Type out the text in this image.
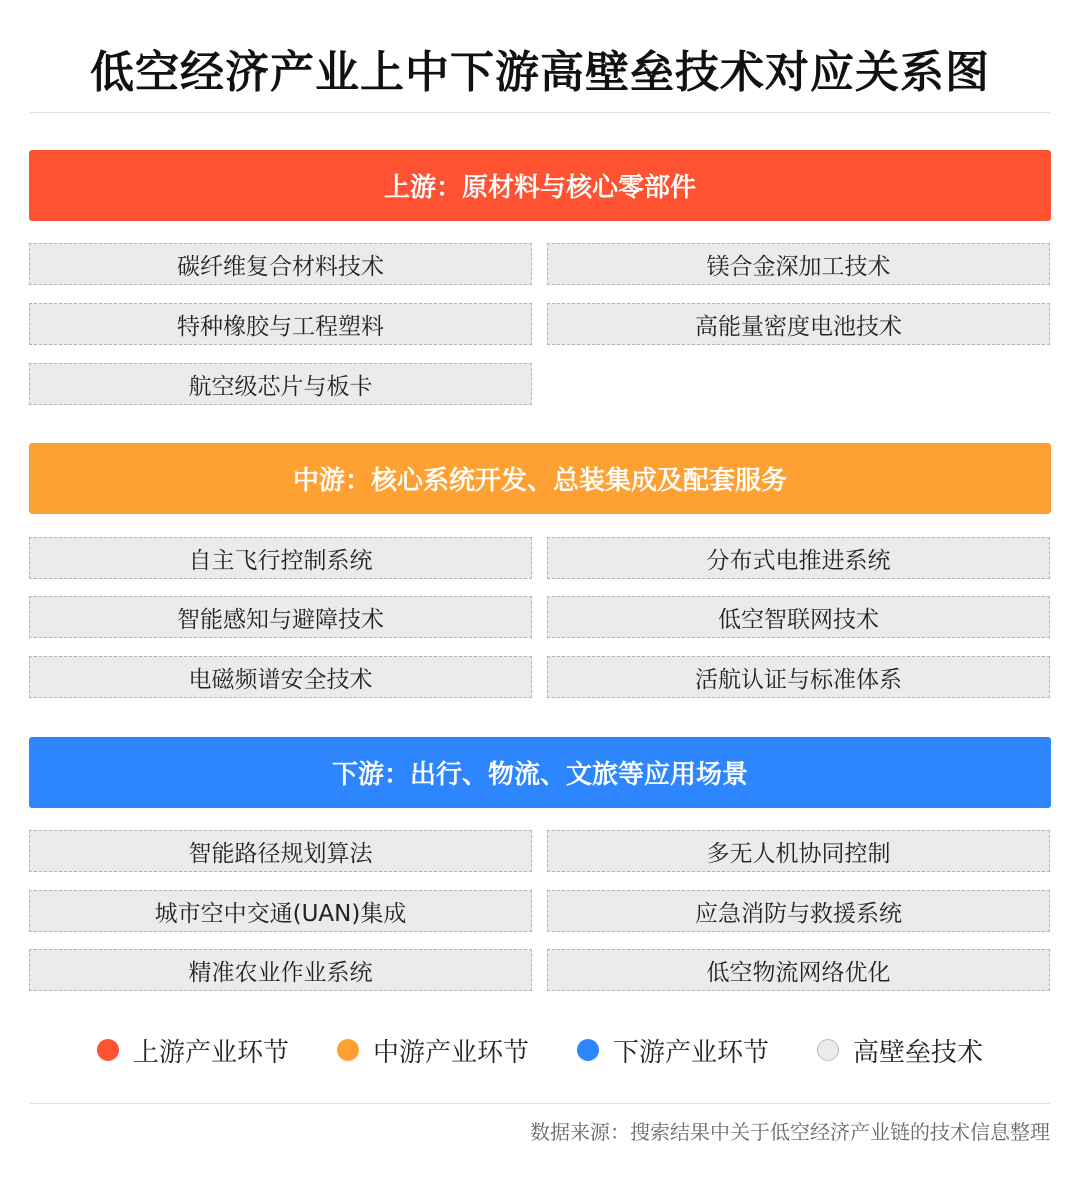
低空经济产业上中下游高壁垒技术对应关系图
上游：原材料与核心零部件
碳纤维复合材料技术	镁合金深加工技术
特种橡胶与工程塑料	高能量密度电池技术
航空级芯片与板卡
中游：核心系统开发、总装集成及配套服务
自主飞行控制系统	分布式电推进系统
智能感知与避障技术	低空智联网技术
电磁频谱安全技术	活航认证与标准体系
下游：出行、物流、文旅等应用场景
智能路径规划算法	多无人机协同控制
城市空中交通(UAN)集成	应急消防与救援系统
精准农业作业系统	低空物流网络优化
上游产业环节	中游产业环节	下游产业环节	高壁垒技术
数据来源：搜索结果中关于低空经济产业链的技术信息整理
